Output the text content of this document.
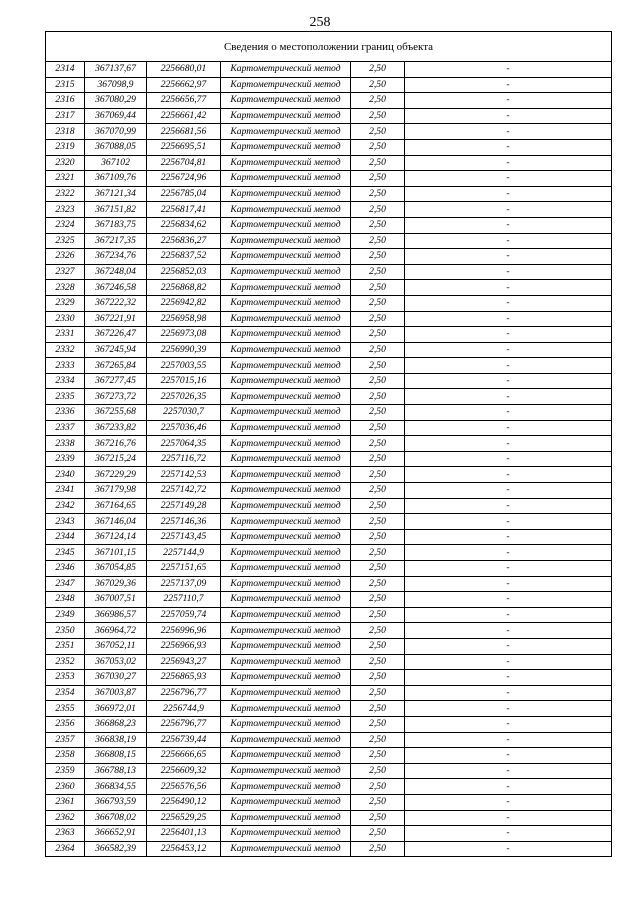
258
Сведения о местоположении границ объекта					
2314	367137,67	2256680,01	Картометрический метод	2,50	-
2315	367098,9	2256662,97	Картометрический метод	2,50	-
2316	367080,29	2256656,77	Картометрический метод	2,50	-
2317	367069,44	2256661,42	Картометрический метод	2,50	-
2318	367070,99	2256681,56	Картометрический метод	2,50	-
2319	367088,05	2256695,51	Картометрический метод	2,50	-
2320	367102	2256704,81	Картометрический метод	2,50	-
2321	367109,76	2256724,96	Картометрический метод	2,50	-
2322	367121,34	2256785,04	Картометрический метод	2,50	-
2323	367151,82	2256817,41	Картометрический метод	2,50	-
2324	367183,75	2256834,62	Картометрический метод	2,50	-
2325	367217,35	2256836,27	Картометрический метод	2,50	-
2326	367234,76	2256837,52	Картометрический метод	2,50	-
2327	367248,04	2256852,03	Картометрический метод	2,50	-
2328	367246,58	2256868,82	Картометрический метод	2,50	-
2329	367222,32	2256942,82	Картометрический метод	2,50	-
2330	367221,91	2256958,98	Картометрический метод	2,50	-
2331	367226,47	2256973,08	Картометрический метод	2,50	-
2332	367245,94	2256990,39	Картометрический метод	2,50	-
2333	367265,84	2257003,55	Картометрический метод	2,50	-
2334	367277,45	2257015,16	Картометрический метод	2,50	-
2335	367273,72	2257026,35	Картометрический метод	2,50	-
2336	367255,68	2257030,7	Картометрический метод	2,50	-
2337	367233,82	2257036,46	Картометрический метод	2,50	-
2338	367216,76	2257064,35	Картометрический метод	2,50	-
2339	367215,24	2257116,72	Картометрический метод	2,50	-
2340	367229,29	2257142,53	Картометрический метод	2,50	-
2341	367179,98	2257142,72	Картометрический метод	2,50	-
2342	367164,65	2257149,28	Картометрический метод	2,50	-
2343	367146,04	2257146,36	Картометрический метод	2,50	-
2344	367124,14	2257143,45	Картометрический метод	2,50	-
2345	367101,15	2257144,9	Картометрический метод	2,50	-
2346	367054,85	2257151,65	Картометрический метод	2,50	-
2347	367029,36	2257137,09	Картометрический метод	2,50	-
2348	367007,51	2257110,7	Картометрический метод	2,50	-
2349	366986,57	2257059,74	Картометрический метод	2,50	-
2350	366964,72	2256996,96	Картометрический метод	2,50	-
2351	367052,11	2256966,93	Картометрический метод	2,50	-
2352	367053,02	2256943,27	Картометрический метод	2,50	-
2353	367030,27	2256865,93	Картометрический метод	2,50	-
2354	367003,87	2256796,77	Картометрический метод	2,50	-
2355	366972,01	2256744,9	Картометрический метод	2,50	-
2356	366868,23	2256796,77	Картометрический метод	2,50	-
2357	366838,19	2256739,44	Картометрический метод	2,50	-
2358	366808,15	2256666,65	Картометрический метод	2,50	-
2359	366788,13	2256609,32	Картометрический метод	2,50	-
2360	366834,55	2256576,56	Картометрический метод	2,50	-
2361	366793,59	2256490,12	Картометрический метод	2,50	-
2362	366708,02	2256529,25	Картометрический метод	2,50	-
2363	366652,91	2256401,13	Картометрический метод	2,50	-
2364	366582,39	2256453,12	Картометрический метод	2,50	-
